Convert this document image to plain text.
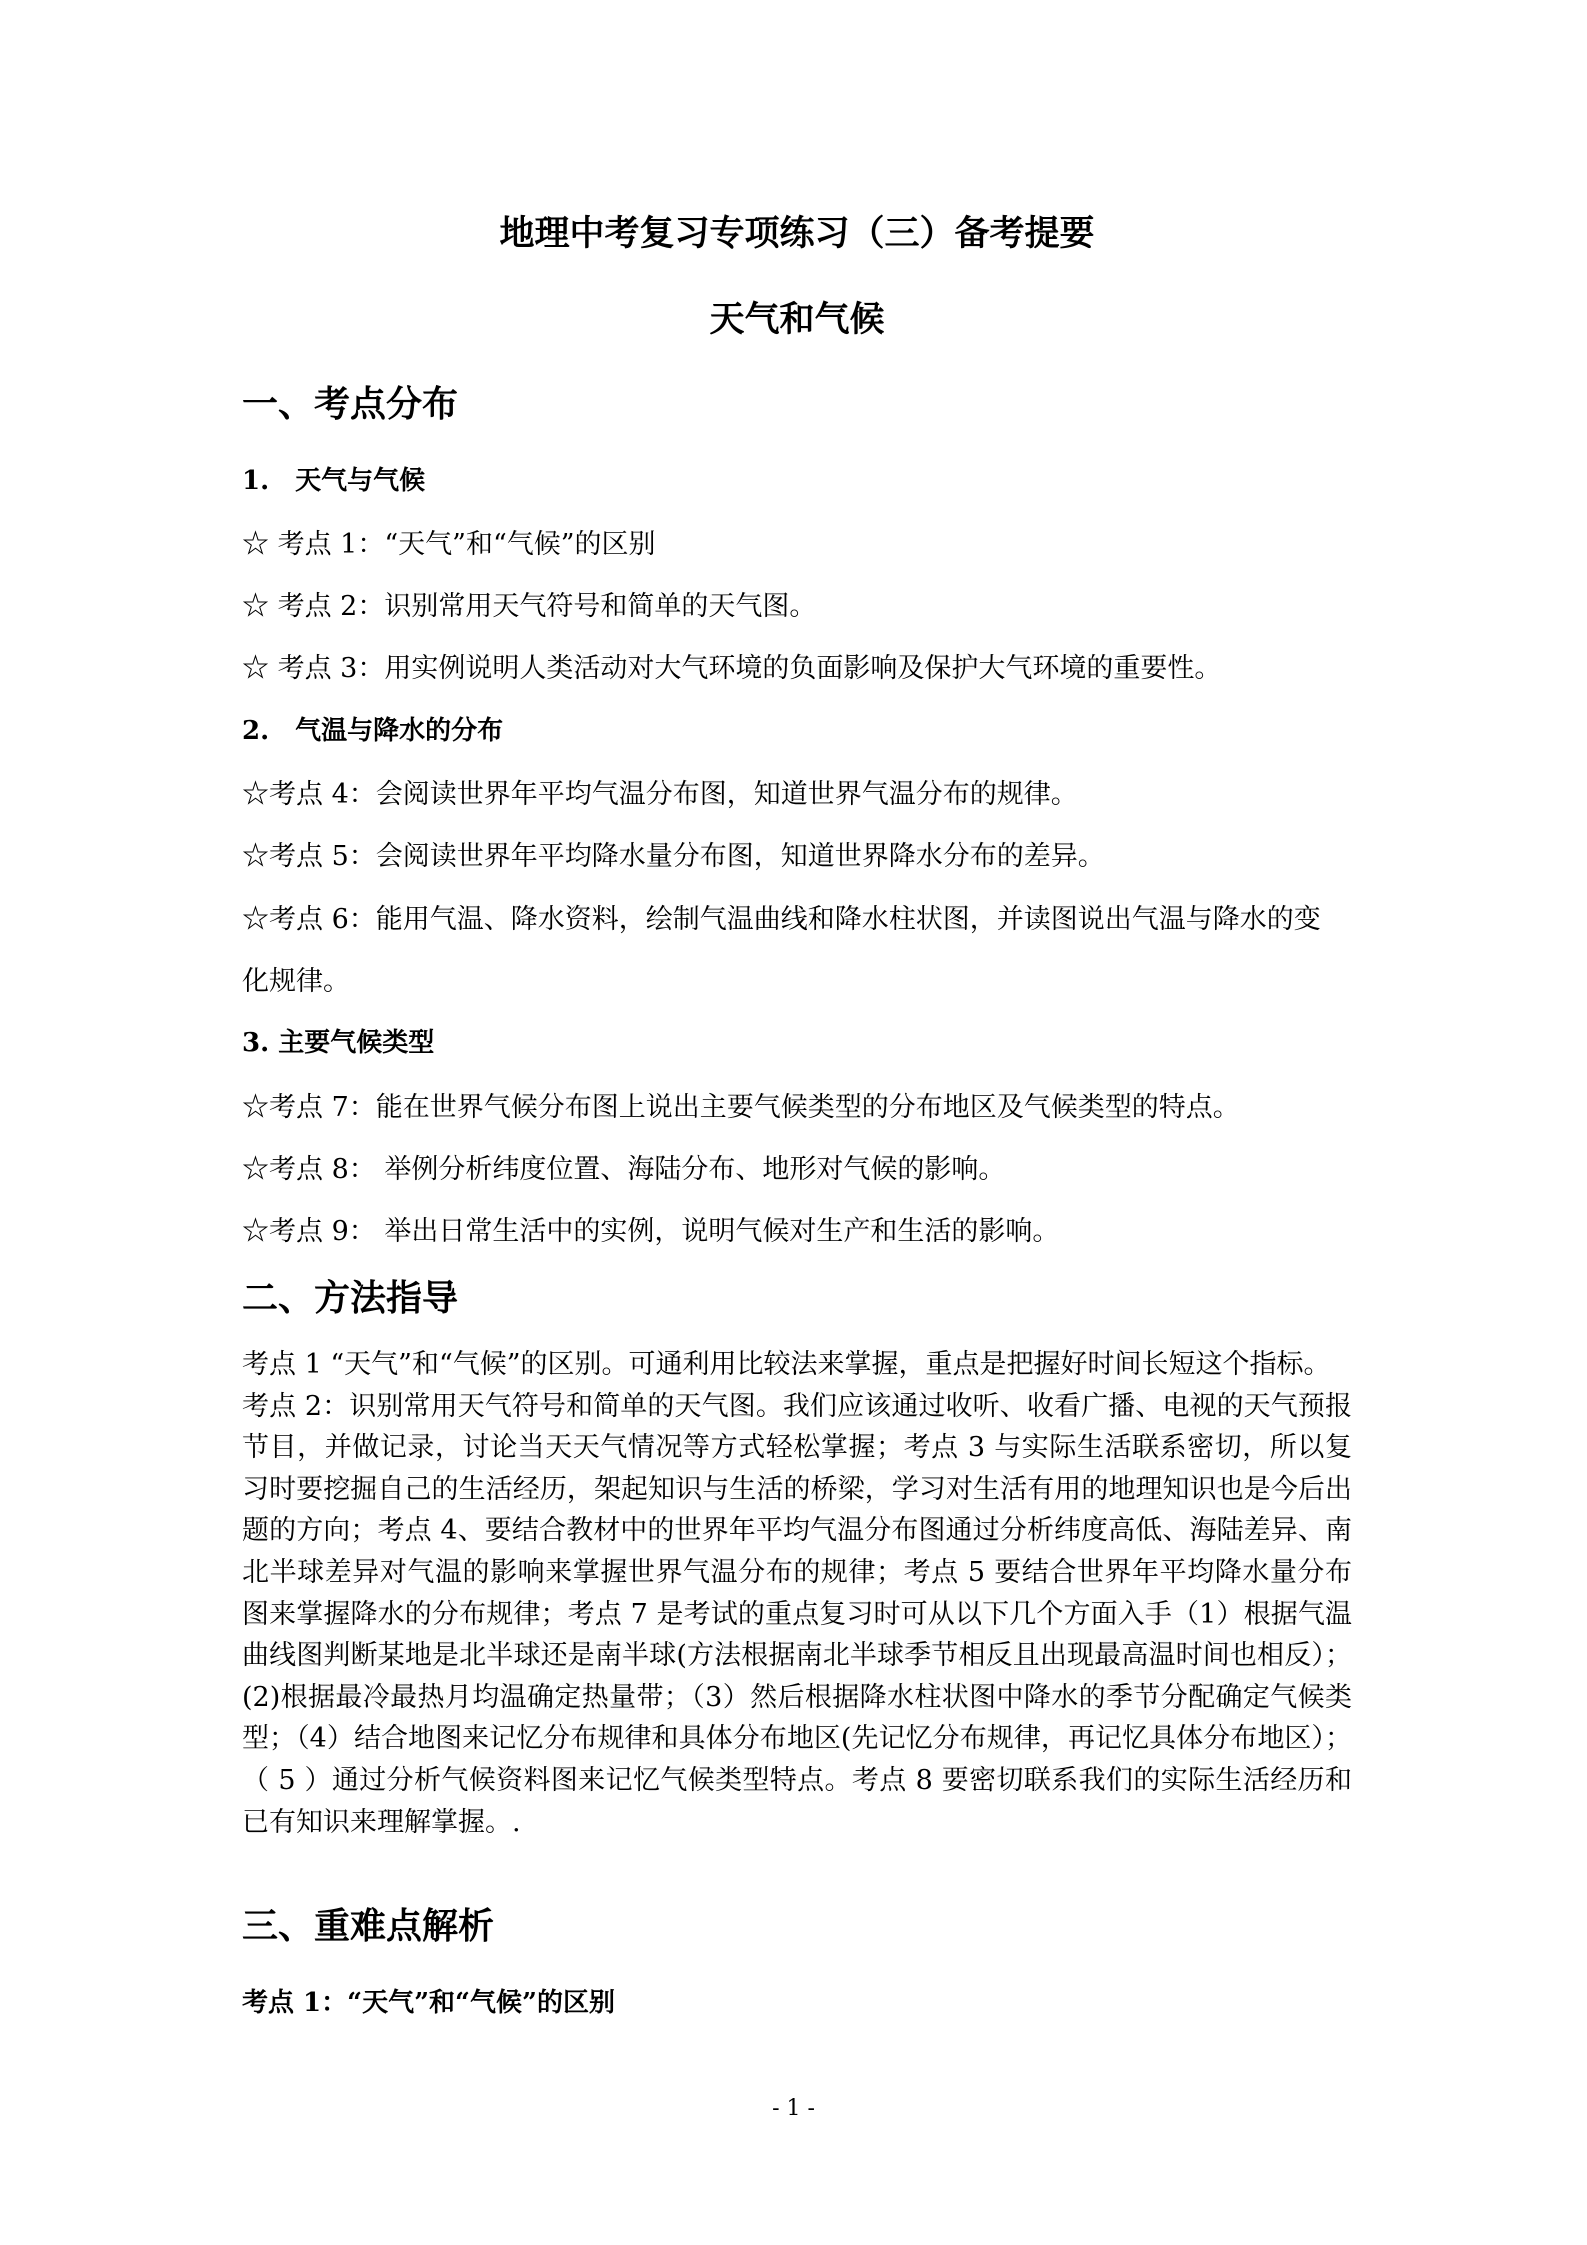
地理中考复习专项练习（三）备考提要
天气和气候
一、考点分布
1.　天气与气候
☆ 考点 1：“天气”和“气候”的区别
☆ 考点 2：识别常用天气符号和简单的天气图。
☆ 考点 3：用实例说明人类活动对大气环境的负面影响及保护大气环境的重要性。
2.　气温与降水的分布
☆考点 4：会阅读世界年平均气温分布图，知道世界气温分布的规律。
☆考点 5：会阅读世界年平均降水量分布图，知道世界降水分布的差异。
☆考点 6：能用气温、降水资料，绘制气温曲线和降水柱状图，并读图说出气温与降水的变
化规律。
3. 主要气候类型
☆考点 7：能在世界气候分布图上说出主要气候类型的分布地区及气候类型的特点。
☆考点 8： 举例分析纬度位置、海陆分布、地形对气候的影响。
☆考点 9： 举出日常生活中的实例，说明气候对生产和生活的影响。
二、方法指导

考点 1 “天气”和“气候”的区别。可通利用比较法来掌握，重点是把握好时间长短这个指标。

考点 2：识别常用天气符号和简单的天气图。我们应该通过收听、收看广播、电视的天气预报节目，并做记录，讨论当天天气情况等方式轻松掌握；考点 3 与实际生活联系密切，所以复习时要挖掘自己的生活经历，架起知识与生活的桥梁，学习对生活有用的地理知识也是今后出题的方向；考点 4、要结合教材中的世界年平均气温分布图通过分析纬度高低、海陆差异、南北半球差异对气温的影响来掌握世界气温分布的规律；考点 5 要结合世界年平均降水量分布图来掌握降水的分布规律；考点 7 是考试的重点复习时可从以下几个方面入手（1）根据气温曲线图判断某地是北半球还是南半球(方法根据南北半球季节相反且出现最高温时间也相反）；(2)根据最冷最热月均温确定热量带；（3）然后根据降水柱状图中降水的季节分配确定气候类型；（4）结合地图来记忆分布规律和具体分布地区(先记忆分布规律，再记忆具体分布地区）；（ 5 ）通过分析气候资料图来记忆气候类型特点。考点 8 要密切联系我们的实际生活经历和已有知识来理解掌握。.

三、重难点解析
考点 1：“天气”和“气候”的区别
- 1 -
